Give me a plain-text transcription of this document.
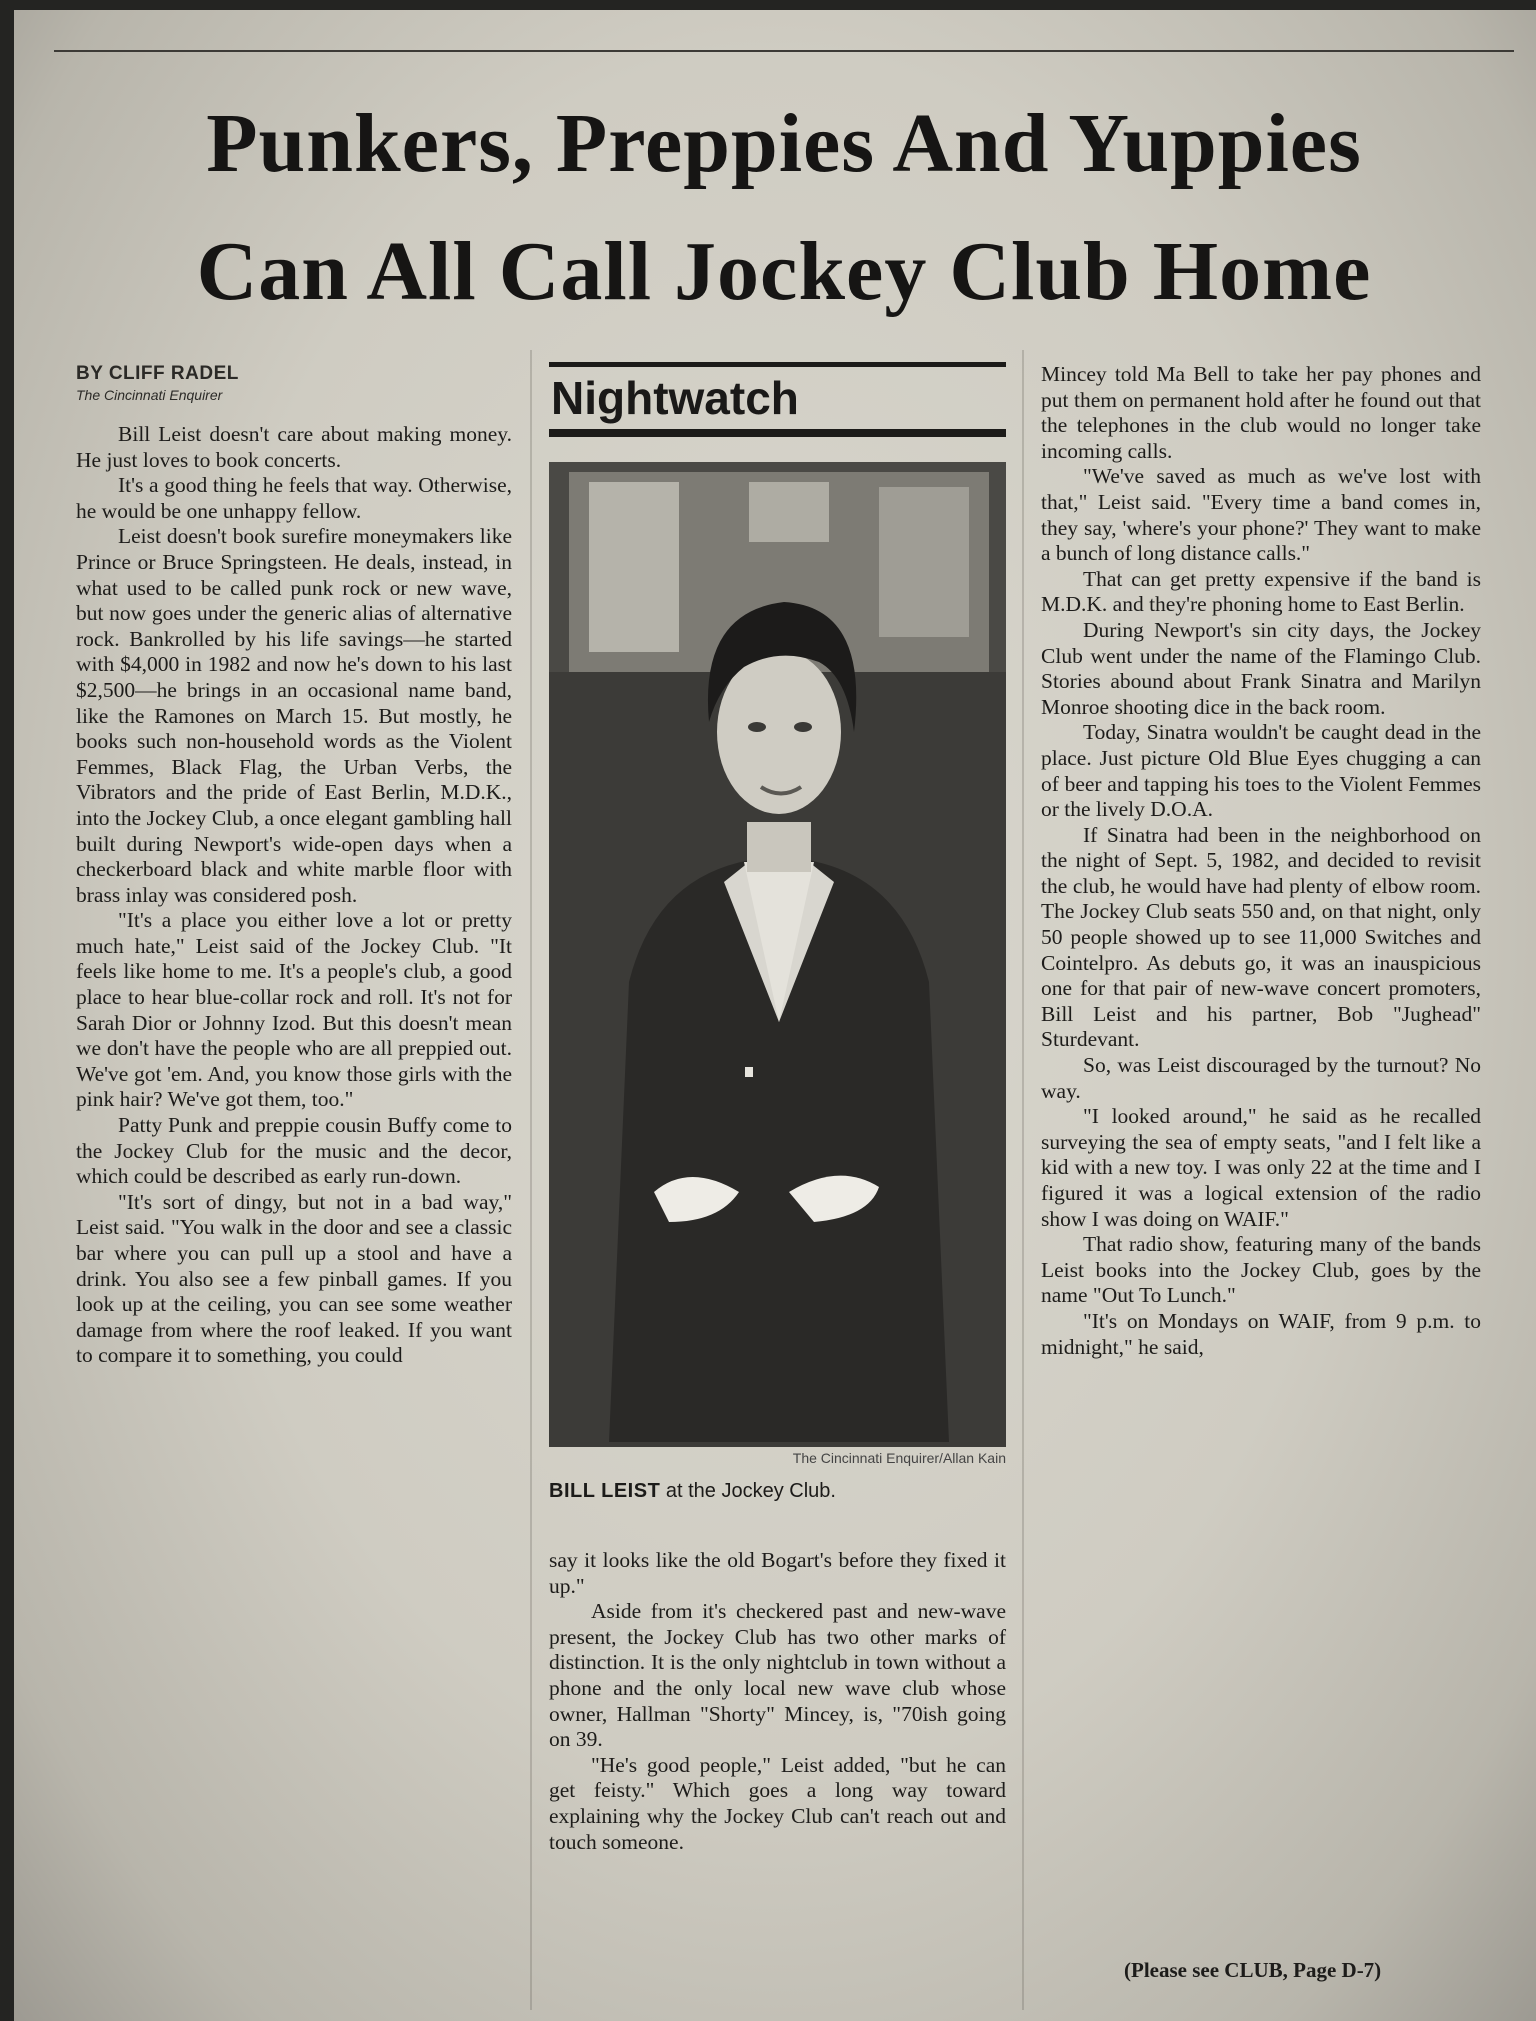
Punkers, Preppies And Yuppies
Can All Call Jockey Club Home
BY CLIFF RADEL
The Cincinnati Enquirer

Bill Leist doesn't care about making money. He just loves to book concerts.

It's a good thing he feels that way. Otherwise, he would be one unhappy fellow.

Leist doesn't book surefire moneymakers like Prince or Bruce Springsteen. He deals, instead, in what used to be called punk rock or new wave, but now goes under the generic alias of alternative rock. Bankrolled by his life savings—he started with $4,000 in 1982 and now he's down to his last $2,500—he brings in an occasional name band, like the Ramones on March 15. But mostly, he books such non-household words as the Violent Femmes, Black Flag, the Urban Verbs, the Vibrators and the pride of East Berlin, M.D.K., into the Jockey Club, a once elegant gambling hall built during Newport's wide-open days when a checkerboard black and white marble floor with brass inlay was considered posh.

"It's a place you either love a lot or pretty much hate," Leist said of the Jockey Club. "It feels like home to me. It's a people's club, a good place to hear blue-collar rock and roll. It's not for Sarah Dior or Johnny Izod. But this doesn't mean we don't have the people who are all preppied out. We've got 'em. And, you know those girls with the pink hair? We've got them, too."

Patty Punk and preppie cousin Buffy come to the Jockey Club for the music and the decor, which could be described as early run-down.

"It's sort of dingy, but not in a bad way," Leist said. "You walk in the door and see a classic bar where you can pull up a stool and have a drink. You also see a few pinball games. If you look up at the ceiling, you can see some weather damage from where the roof leaked. If you want to compare it to something, you could

Nightwatch
The Cincinnati Enquirer/Allan Kain
BILL LEIST at the Jockey Club.

say it looks like the old Bogart's before they fixed it up."

Aside from it's checkered past and new-wave present, the Jockey Club has two other marks of distinction. It is the only nightclub in town without a phone and the only local new wave club whose owner, Hallman "Shorty" Mincey, is, "70ish going on 39.

"He's good people," Leist added, "but he can get feisty." Which goes a long way toward explaining why the Jockey Club can't reach out and touch someone.

Mincey told Ma Bell to take her pay phones and put them on permanent hold after he found out that the telephones in the club would no longer take incoming calls.

"We've saved as much as we've lost with that," Leist said. "Every time a band comes in, they say, 'where's your phone?' They want to make a bunch of long distance calls."

That can get pretty expensive if the band is M.D.K. and they're phoning home to East Berlin.

During Newport's sin city days, the Jockey Club went under the name of the Flamingo Club. Stories abound about Frank Sinatra and Marilyn Monroe shooting dice in the back room.

Today, Sinatra wouldn't be caught dead in the place. Just picture Old Blue Eyes chugging a can of beer and tapping his toes to the Violent Femmes or the lively D.O.A.

If Sinatra had been in the neighborhood on the night of Sept. 5, 1982, and decided to revisit the club, he would have had plenty of elbow room. The Jockey Club seats 550 and, on that night, only 50 people showed up to see 11,000 Switches and Cointelpro. As debuts go, it was an inauspicious one for that pair of new-wave concert promoters, Bill Leist and his partner, Bob "Jughead" Sturdevant.

So, was Leist discouraged by the turnout? No way.

"I looked around," he said as he recalled surveying the sea of empty seats, "and I felt like a kid with a new toy. I was only 22 at the time and I figured it was a logical extension of the radio show I was doing on WAIF."

That radio show, featuring many of the bands Leist books into the Jockey Club, goes by the name "Out To Lunch."

"It's on Mondays on WAIF, from 9 p.m. to midnight," he said,

(Please see CLUB, Page D-7)
